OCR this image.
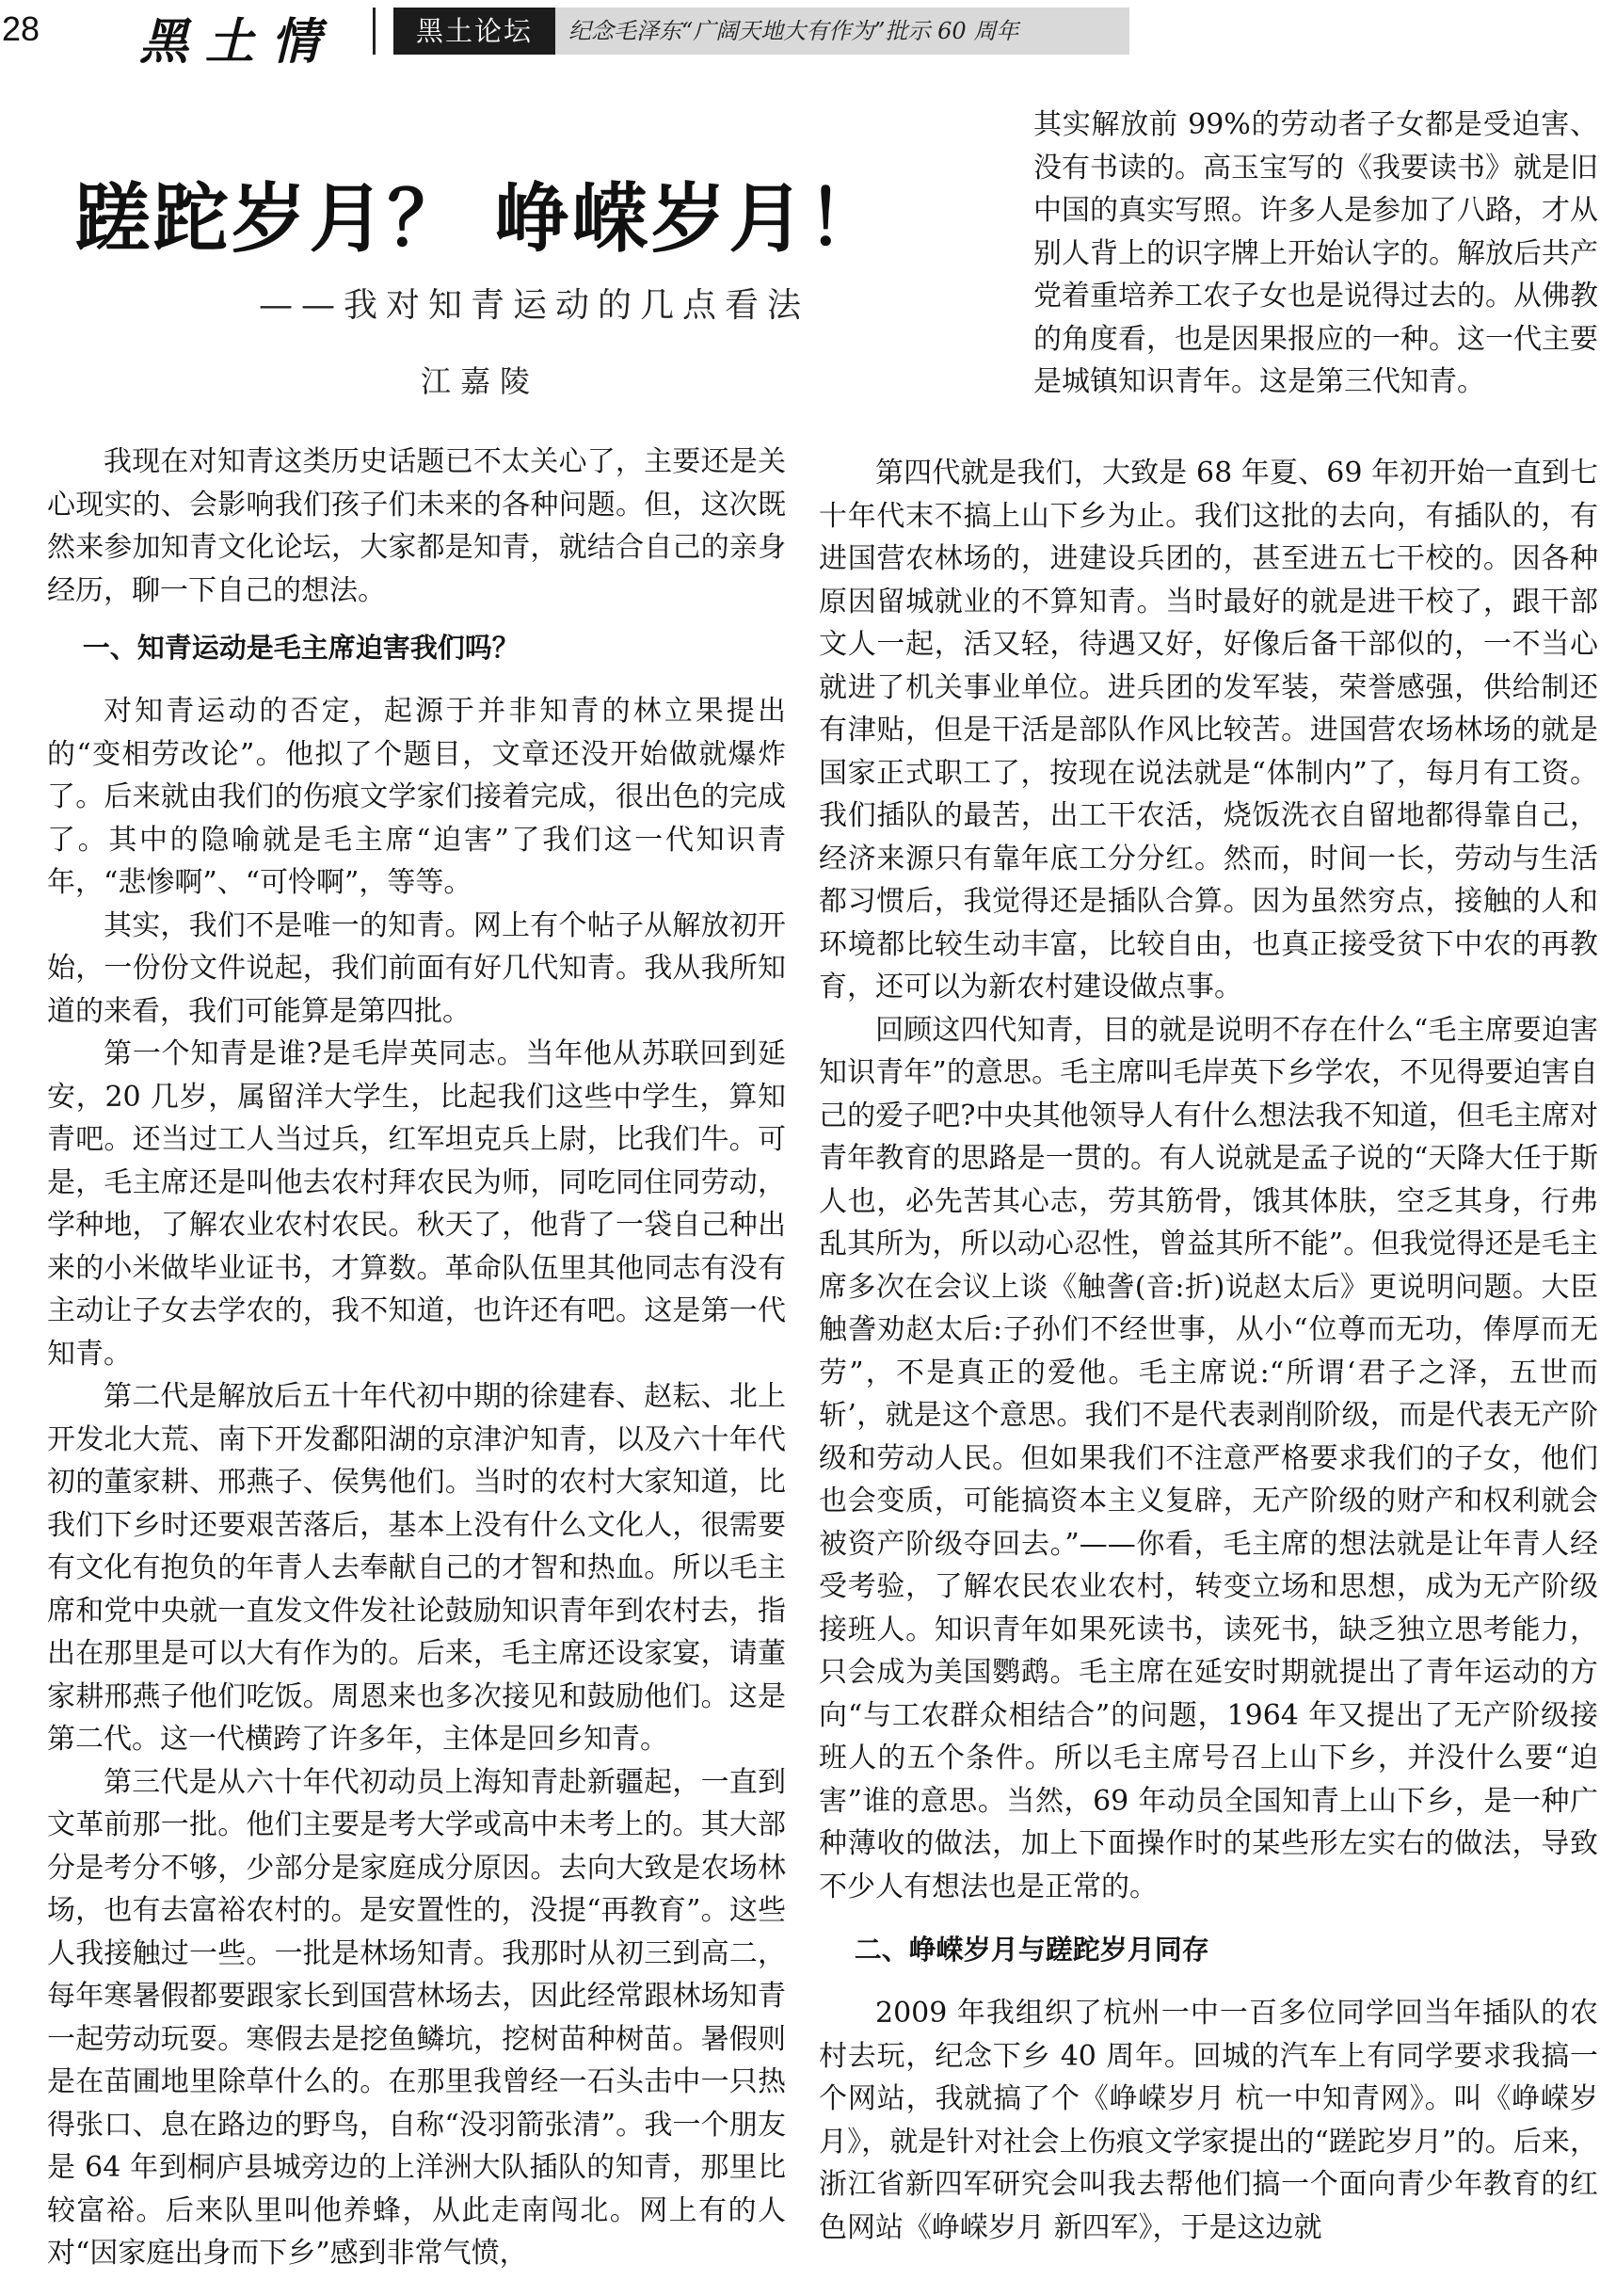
28 黑土情	黑土论坛	纪念毛泽东“广阔天地大有作为”批示 60 周年
蹉跎岁月？ 峥嵘岁月！
——我对知青运动的几点看法
江嘉陵

我现在对知青这类历史话题已不太关心了，主要还是关心现实的、会影响我们孩子们未来的各种问题。但，这次既然来参加知青文化论坛，大家都是知青，就结合自己的亲身经历，聊一下自己的想法。

一、知青运动是毛主席迫害我们吗？

对知青运动的否定，起源于并非知青的林立果提出的“变相劳改论”。他拟了个题目，文章还没开始做就爆炸了。后来就由我们的伤痕文学家们接着完成，很出色的完成了。其中的隐喻就是毛主席“迫害”了我们这一代知识青年，“悲惨啊”、“可怜啊”，等等。

其实，我们不是唯一的知青。网上有个帖子从解放初开始，一份份文件说起，我们前面有好几代知青。我从我所知道的来看，我们可能算是第四批。

第一个知青是谁?是毛岸英同志。当年他从苏联回到延安，20 几岁，属留洋大学生，比起我们这些中学生，算知青吧。还当过工人当过兵，红军坦克兵上尉，比我们牛。可是，毛主席还是叫他去农村拜农民为师，同吃同住同劳动，学种地，了解农业农村农民。秋天了，他背了一袋自己种出来的小米做毕业证书，才算数。革命队伍里其他同志有没有主动让子女去学农的，我不知道，也许还有吧。这是第一代知青。

第二代是解放后五十年代初中期的徐建春、赵耘、北上开发北大荒、南下开发鄱阳湖的京津沪知青，以及六十年代初的董家耕、邢燕子、侯隽他们。当时的农村大家知道，比我们下乡时还要艰苦落后，基本上没有什么文化人，很需要有文化有抱负的年青人去奉献自己的才智和热血。所以毛主席和党中央就一直发文件发社论鼓励知识青年到农村去，指出在那里是可以大有作为的。后来，毛主席还设家宴，请董家耕邢燕子他们吃饭。周恩来也多次接见和鼓励他们。这是第二代。这一代横跨了许多年，主体是回乡知青。

第三代是从六十年代初动员上海知青赴新疆起，一直到文革前那一批。他们主要是考大学或高中未考上的。其大部分是考分不够，少部分是家庭成分原因。去向大致是农场林场，也有去富裕农村的。是安置性的，没提“再教育”。这些人我接触过一些。一批是林场知青。我那时从初三到高二，每年寒暑假都要跟家长到国营林场去，因此经常跟林场知青一起劳动玩耍。寒假去是挖鱼鳞坑，挖树苗种树苗。暑假则是在苗圃地里除草什么的。在那里我曾经一石头击中一只热得张口、息在路边的野鸟，自称“没羽箭张清”。我一个朋友是 64 年到桐庐县城旁边的上洋洲大队插队的知青，那里比较富裕。后来队里叫他养蜂，从此走南闯北。网上有的人对“因家庭出身而下乡”感到非常气愤，

其实解放前 99%的劳动者子女都是受迫害、没有书读的。高玉宝写的《我要读书》就是旧中国的真实写照。许多人是参加了八路，才从别人背上的识字牌上开始认字的。解放后共产党着重培养工农子女也是说得过去的。从佛教的角度看，也是因果报应的一种。这一代主要是城镇知识青年。这是第三代知青。

第四代就是我们，大致是 68 年夏、69 年初开始一直到七十年代末不搞上山下乡为止。我们这批的去向，有插队的，有进国营农林场的，进建设兵团的，甚至进五七干校的。因各种原因留城就业的不算知青。当时最好的就是进干校了，跟干部文人一起，活又轻，待遇又好，好像后备干部似的，一不当心就进了机关事业单位。进兵团的发军装，荣誉感强，供给制还有津贴，但是干活是部队作风比较苦。进国营农场林场的就是国家正式职工了，按现在说法就是“体制内”了，每月有工资。我们插队的最苦，出工干农活，烧饭洗衣自留地都得靠自己，经济来源只有靠年底工分分红。然而，时间一长，劳动与生活都习惯后，我觉得还是插队合算。因为虽然穷点，接触的人和环境都比较生动丰富，比较自由，也真正接受贫下中农的再教育，还可以为新农村建设做点事。

回顾这四代知青，目的就是说明不存在什么“毛主席要迫害知识青年”的意思。毛主席叫毛岸英下乡学农，不见得要迫害自己的爱子吧?中央其他领导人有什么想法我不知道，但毛主席对青年教育的思路是一贯的。有人说就是孟子说的“天降大任于斯人也，必先苦其心志，劳其筋骨，饿其体肤，空乏其身，行弗乱其所为，所以动心忍性，曾益其所不能”。但我觉得还是毛主席多次在会议上谈《触詟(音:折)说赵太后》更说明问题。大臣触詟劝赵太后:子孙们不经世事，从小“位尊而无功，俸厚而无劳”，不是真正的爱他。毛主席说:“所谓‘君子之泽，五世而斩’，就是这个意思。我们不是代表剥削阶级，而是代表无产阶级和劳动人民。但如果我们不注意严格要求我们的子女，他们也会变质，可能搞资本主义复辟，无产阶级的财产和权利就会被资产阶级夺回去。”——你看，毛主席的想法就是让年青人经受考验，了解农民农业农村，转变立场和思想，成为无产阶级接班人。知识青年如果死读书，读死书，缺乏独立思考能力，只会成为美国鹦鹉。毛主席在延安时期就提出了青年运动的方向“与工农群众相结合”的问题，1964 年又提出了无产阶级接班人的五个条件。所以毛主席号召上山下乡，并没什么要“迫害”谁的意思。当然，69 年动员全国知青上山下乡，是一种广种薄收的做法，加上下面操作时的某些形左实右的做法，导致不少人有想法也是正常的。

二、峥嵘岁月与蹉跎岁月同存

2009 年我组织了杭州一中一百多位同学回当年插队的农村去玩，纪念下乡 40 周年。回城的汽车上有同学要求我搞一个网站，我就搞了个《峥嵘岁月 杭一中知青网》。叫《峥嵘岁月》，就是针对社会上伤痕文学家提出的“蹉跎岁月”的。后来，浙江省新四军研究会叫我去帮他们搞一个面向青少年教育的红色网站《峥嵘岁月 新四军》，于是这边就
